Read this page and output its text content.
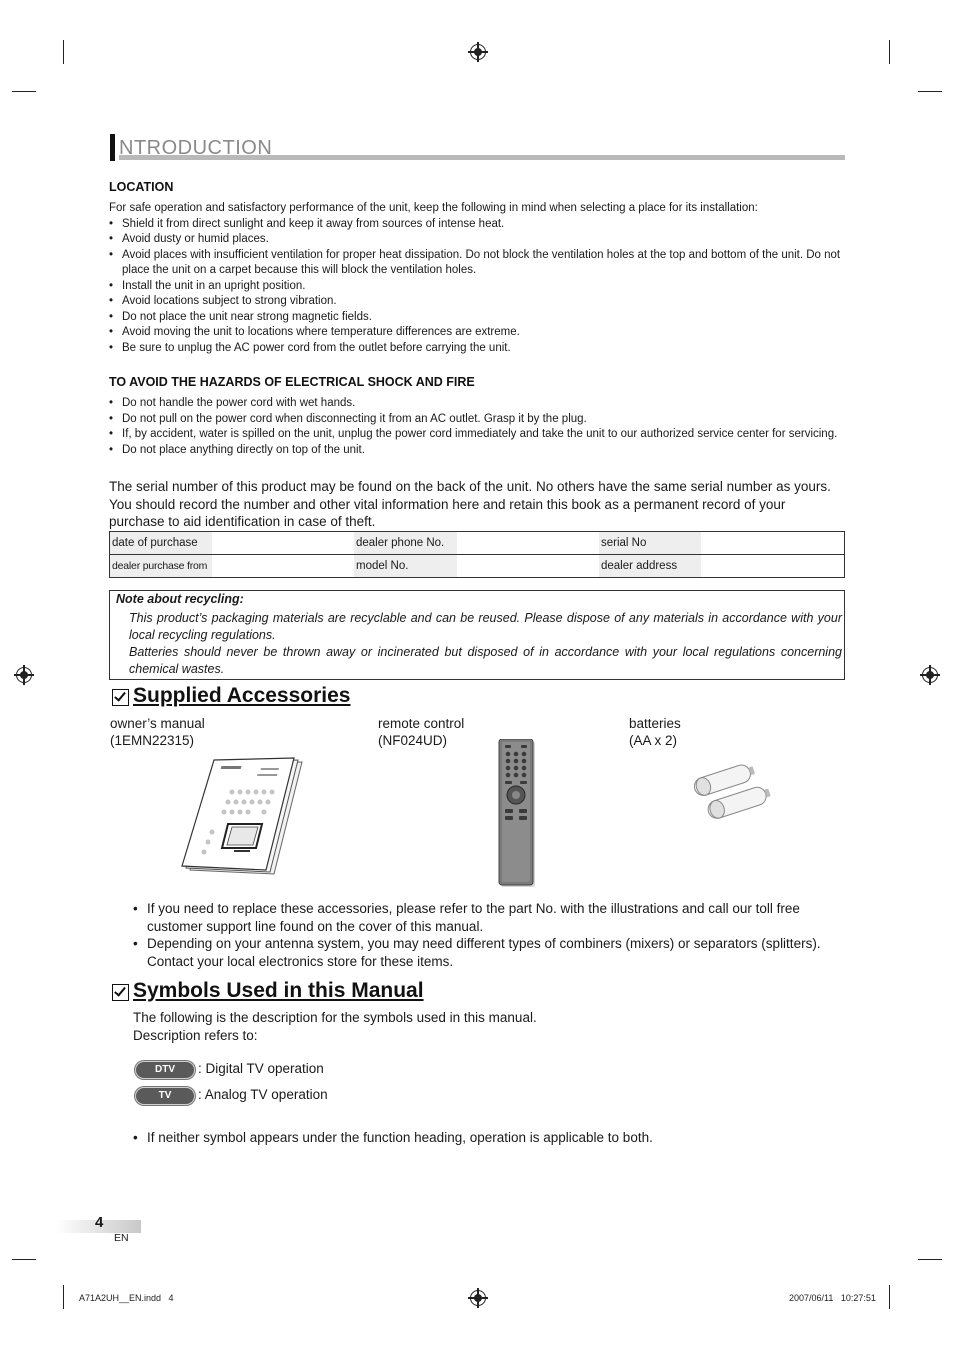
NTRODUCTION
LOCATION
For safe operation and satisfactory performance of the unit, keep the following in mind when selecting a place for its installation:
• Shield it from direct sunlight and keep it away from sources of intense heat.
• Avoid dusty or humid places.
• Avoid places with insufficient ventilation for proper heat dissipation. Do not block the ventilation holes at the top and bottom of the unit. Do not place the unit on a carpet because this will block the ventilation holes.
• Install the unit in an upright position.
• Avoid locations subject to strong vibration.
• Do not place the unit near strong magnetic fields.
• Avoid moving the unit to locations where temperature differences are extreme.
• Be sure to unplug the AC power cord from the outlet before carrying the unit.
TO AVOID THE HAZARDS OF ELECTRICAL SHOCK AND FIRE
• Do not handle the power cord with wet hands.
• Do not pull on the power cord when disconnecting it from an AC outlet. Grasp it by the plug.
• If, by accident, water is spilled on the unit, unplug the power cord immediately and take the unit to our authorized service center for servicing.
• Do not place anything directly on top of the unit.
The serial number of this product may be found on the back of the unit. No others have the same serial number as yours. You should record the number and other vital information here and retain this book as a permanent record of your purchase to aid identification in case of theft.
date of purchase		dealer phone No.		serial No	
dealer purchase from		model No.		dealer address	
Note about recycling:
This product’s packaging materials are recyclable and can be reused. Please dispose of any materials in accordance with your local recycling regulations.
Batteries should never be thrown away or incinerated but disposed of in accordance with your local regulations concerning chemical wastes.
Supplied Accessories
owner’s manual
(1EMN22315)
remote control
(NF024UD)
batteries
(AA x 2)
• If you need to replace these accessories, please refer to the part No. with the illustrations and call our toll free customer support line found on the cover of this manual.
• Depending on your antenna system, you may need different types of combiners (mixers) or separators (splitters). Contact your local electronics store for these items.
Symbols Used in this Manual
The following is the description for the symbols used in this manual.
Description refers to:
DTV	: Digital TV operation
TV	: Analog TV operation
• If neither symbol appears under the function heading, operation is applicable to both.
4
EN
A71A2UH__EN.indd   4	2007/06/11   10:27:51
